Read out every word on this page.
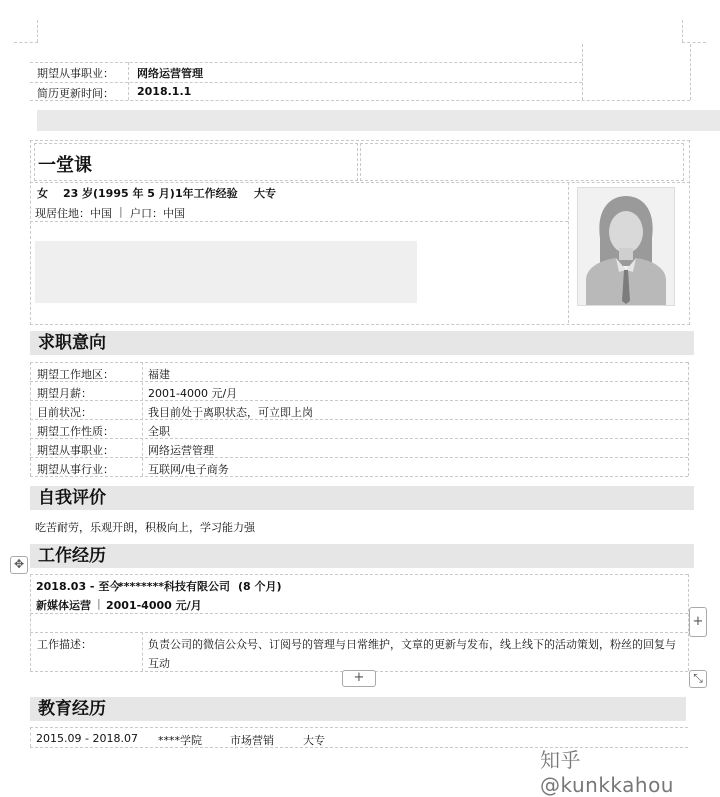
期望从事职业： 网络运营管理
简历更新时间： 2018.1.1
一堂课
女 23 岁 (1995 年 5 月) 1年工作经验 大专
现居住地：中国 | 户口：中国
求职意向
期望工作地区：	福建
期望月薪：	2001-4000 元/月
目前状况：	我目前处于离职状态，可立即上岗
期望工作性质：	全职
期望从事职业：	网络运营管理
期望从事行业：	互联网/电子商务
自我评价
吃苦耐劳，乐观开朗，积极向上，学习能力强
✥ 工作经历
2018.03 - 至今
********科技有限公司 (8 个月)
新媒体运营 | 2001-4000 元/月
工作描述：	负责公司的微信公众号、订阅号的管理与日常维护，文章的更新与发布，线上线下的活动策划，粉丝的回复与
互动
+
+	⤡
教育经历
2015.09 - 2018.07 ****学院	市场营销	大专
知乎 @kunkkahou
